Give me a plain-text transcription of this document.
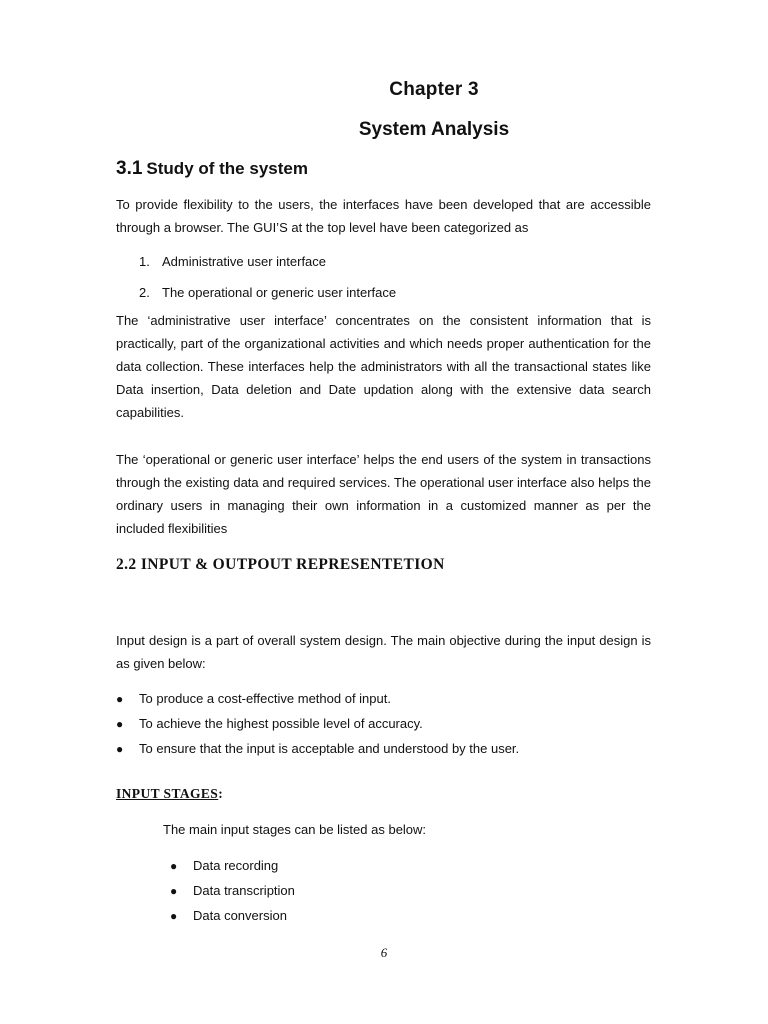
Chapter 3

System Analysis

3.1 Study of the system

To provide flexibility to the users, the interfaces have been developed that are accessible through a browser. The GUI’S at the top level have been categorized as

1. Administrative user interface

2. The operational or generic user interface

The ‘administrative user interface’ concentrates on the consistent information that is practically, part of the organizational activities and which needs proper authentication for the data collection. These interfaces help the administrators with all the transactional states like Data insertion, Data deletion and Date updation along with the extensive data search capabilities.

The ‘operational or generic user interface’ helps the end users of the system in transactions through the existing data and required services. The operational user interface also helps the ordinary users in managing their own information in a customized manner as per the included flexibilities

2.2 INPUT & OUTPOUT REPRESENTETION

Input design is a part of overall system design. The main objective during the input design is as given below:

● To produce a cost-effective method of input.

● To achieve the highest possible level of accuracy.

● To ensure that the input is acceptable and understood by the user.

INPUT STAGES:

The main input stages can be listed as below:

● Data recording

● Data transcription

● Data conversion

6
